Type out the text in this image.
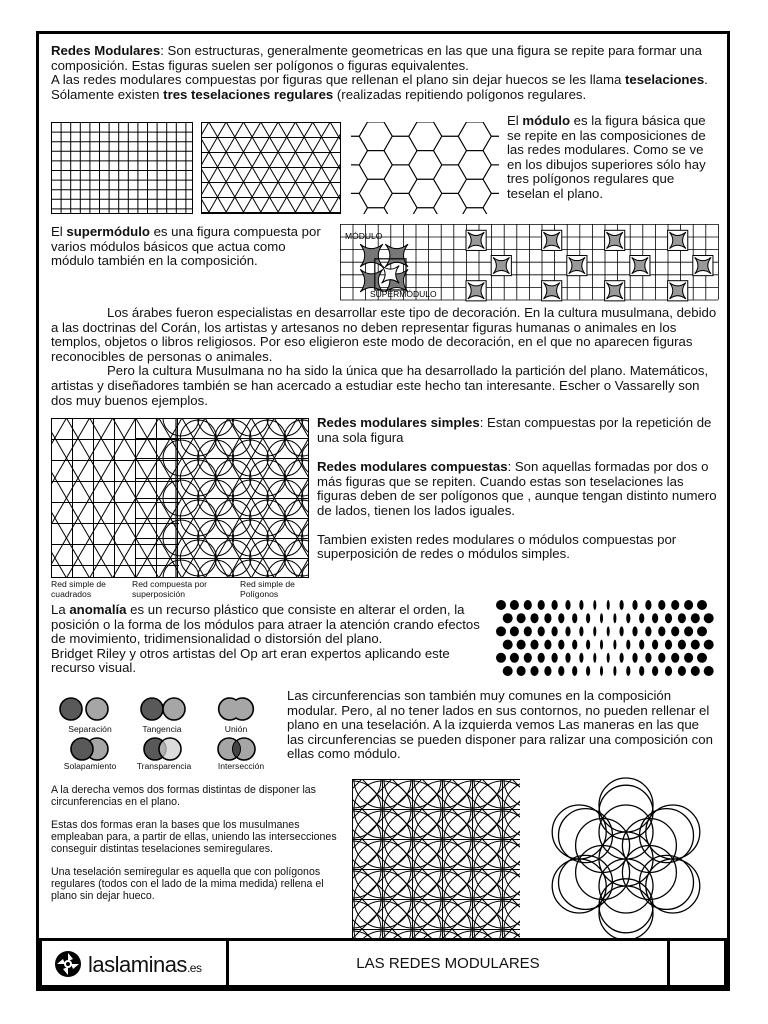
Redes Modulares: Son estructuras, generalmente geometricas en las que una figura se repite para formar una composición. Estas figuras suelen ser polígonos o figuras equivalentes.
A las redes modulares compuestas por figuras que rellenan el plano sin dejar huecos se les llama teselaciones. Sólamente existen tres teselaciones regulares (realizadas repitiendo polígonos regulares.

El módulo es la figura básica que se repite en las composiciones de las redes modulares. Como se ve en los dibujos superiores sólo hay tres polígonos regulares que teselan el plano.

El supermódulo es una figura compuesta por varios módulos básicos que actua como módulo también en la composición.

MÓDULO
SUPERMÓDULO

Los árabes fueron especialistas en desarrollar este tipo de decoración. En la cultura musulmana, debido a las doctrinas del Corán, los artistas y artesanos no deben representar figuras humanas o animales en los templos, objetos o libros religiosos. Por eso eligieron este modo de decoración, en el que no aparecen figuras reconocibles de personas o animales.
Pero la cultura Musulmana no ha sido la única que ha desarrollado la partición del plano. Matemáticos, artistas y diseñadores también se han acercado a estudiar este hecho tan interesante. Escher o Vassarelly son dos muy buenos ejemplos.

Red simple de cuadrados
Red compuesta por superposición
Red simple de Polígonos
Redes modulares simples: Estan compuestas por la repetición de una sola figura
Redes modulares compuestas: Son aquellas formadas por dos o más figuras que se repiten. Cuando estas son teselaciones las figuras deben de ser polígonos que , aunque tengan distinto numero de lados, tienen los lados iguales.
Tambien existen redes modulares o módulos compuestas por superposición de redes o módulos simples.

La anomalía es un recurso plástico que consiste en alterar el orden, la posición o la forma de los módulos para atraer la atención crando efectos de movimiento, tridimensionalidad o distorsión del plano.
Bridget Riley y otros artistas del Op art eran expertos aplicando este recurso visual.

Separación	Tangencia	Unión
Solapamiento	Transparencia	Intersección

Las circunferencias son también muy comunes en la composición modular. Pero, al no tener lados en sus contornos, no pueden rellenar el plano en una teselación. A la izquierda vemos Las maneras en las que las circunferencias se pueden disponer para ralizar una composición con ellas como módulo.

A la derecha vemos dos formas distintas de disponer las circunferencias en el plano.
Estas dos formas eran la bases que los musulmanes empleaban para, a partir de ellas, uniendo las intersecciones conseguir distintas teselaciones semiregulares.
Una teselación semiregular es aquella que con polígonos regulares (todos con el lado de la mima medida) rellena el plano sin dejar hueco.
laslaminas.es	LAS REDES MODULARES
